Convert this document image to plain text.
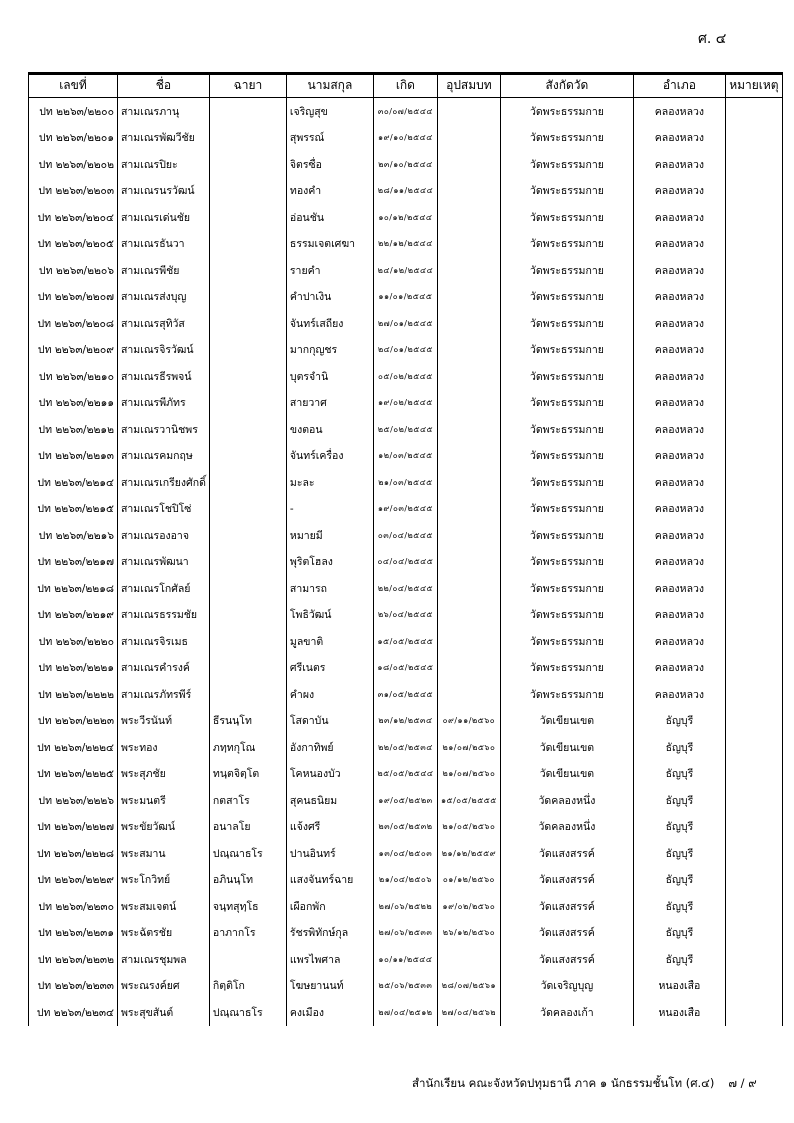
ศ. ๔
เลขที่	ชื่อ	ฉายา	นามสกุล	เกิด	อุปสมบท	สังกัดวัด	อำเภอ	หมายเหตุ
ปท ๒๒๖๓/๒๒๐๐	สามเณรภานุ		เจริญสุข	๓๐/๐๗/๒๕๔๔		วัดพระธรรมกาย	คลองหลวง	
ปท ๒๒๖๓/๒๒๐๑	สามเณรพัฒวีชัย		สุพรรณ์	๑๙/๑๐/๒๕๔๔		วัดพระธรรมกาย	คลองหลวง	
ปท ๒๒๖๓/๒๒๐๒	สามเณรปิยะ		จิตรซื่อ	๒๓/๑๐/๒๕๔๔		วัดพระธรรมกาย	คลองหลวง	
ปท ๒๒๖๓/๒๒๐๓	สามเณรนรวัฒน์		ทองคำ	๒๘/๑๑/๒๕๔๔		วัดพระธรรมกาย	คลองหลวง	
ปท ๒๒๖๓/๒๒๐๔	สามเณรเด่นชัย		อ่อนชัน	๑๐/๑๒/๒๕๔๔		วัดพระธรรมกาย	คลองหลวง	
ปท ๒๒๖๓/๒๒๐๕	สามเณรธันวา		ธรรมเจตเศฆา	๒๒/๑๒/๒๕๔๔		วัดพระธรรมกาย	คลองหลวง	
ปท ๒๒๖๓/๒๒๐๖	สามเณรพีชัย		รายคำ	๒๔/๑๒/๒๕๔๔		วัดพระธรรมกาย	คลองหลวง	
ปท ๒๒๖๓/๒๒๐๗	สามเณรส่งบุญ		คำปาเงิน	๑๑/๐๑/๒๕๔๕		วัดพระธรรมกาย	คลองหลวง	
ปท ๒๒๖๓/๒๒๐๘	สามเณรสุทิวัส		จันทร์เสถียง	๒๗/๐๑/๒๕๔๕		วัดพระธรรมกาย	คลองหลวง	
ปท ๒๒๖๓/๒๒๐๙	สามเณรจิรวัฒน์		มากกุญชร	๒๔/๐๑/๒๕๔๕		วัดพระธรรมกาย	คลองหลวง	
ปท ๒๒๖๓/๒๒๑๐	สามเณรธีรพจน์		บุตรจำนิ	๐๕/๐๒/๒๕๔๕		วัดพระธรรมกาย	คลองหลวง	
ปท ๒๒๖๓/๒๒๑๑	สามเณรพีภัทร		สายวาศ	๑๙/๐๒/๒๕๔๕		วัดพระธรรมกาย	คลองหลวง	
ปท ๒๒๖๓/๒๒๑๒	สามเณรวานิชพร		ขงตอน	๒๕/๐๒/๒๕๔๕		วัดพระธรรมกาย	คลองหลวง	
ปท ๒๒๖๓/๒๒๑๓	สามเณรคมกฤษ		จันทร์เครื่อง	๑๒/๐๓/๒๕๔๕		วัดพระธรรมกาย	คลองหลวง	
ปท ๒๒๖๓/๒๒๑๔	สามเณรเกรียงศักดิ์		มะละ	๒๑/๐๓/๒๕๔๕		วัดพระธรรมกาย	คลองหลวง	
ปท ๒๒๖๓/๒๒๑๕	สามเณรโชปิโซ่		-	๑๙/๐๓/๒๕๔๕		วัดพระธรรมกาย	คลองหลวง	
ปท ๒๒๖๓/๒๒๑๖	สามเณรองอาจ		หมายมี	๐๓/๐๔/๒๕๔๕		วัดพระธรรมกาย	คลองหลวง	
ปท ๒๒๖๓/๒๒๑๗	สามเณรพัฒนา		พุริตโฮลง	๐๔/๐๔/๒๕๔๕		วัดพระธรรมกาย	คลองหลวง	
ปท ๒๒๖๓/๒๒๑๘	สามเณรโกศัลย์		สามารถ	๒๒/๐๔/๒๕๔๕		วัดพระธรรมกาย	คลองหลวง	
ปท ๒๒๖๓/๒๒๑๙	สามเณรธรรมชัย		โพธิวัฒน์	๒๖/๐๔/๒๕๔๕		วัดพระธรรมกาย	คลองหลวง	
ปท ๒๒๖๓/๒๒๒๐	สามเณรจิรเมธ		มูลขาติ	๑๕/๐๕/๒๕๔๕		วัดพระธรรมกาย	คลองหลวง	
ปท ๒๒๖๓/๒๒๒๑	สามเณรคำรงค์		ศรีเนตร	๑๘/๐๕/๒๕๔๕		วัดพระธรรมกาย	คลองหลวง	
ปท ๒๒๖๓/๒๒๒๒	สามเณรภัทรพีร์		คำผง	๓๑/๐๕/๒๕๔๕		วัดพระธรรมกาย	คลองหลวง	
ปท ๒๒๖๓/๒๒๒๓	พระวีรนันท์	ธีรนนฺโท	โสดาบัน	๒๓/๑๒/๒๕๓๔	๐๙/๑๑/๒๕๖๐	วัดเขียนเขต	ธัญบุรี	
ปท ๒๒๖๓/๒๒๒๔	พระทอง	ภทฺทกุโณ	อังกาทิพย์	๒๒/๐๕/๒๕๓๔	๒๑/๐๗/๒๕๖๐	วัดเขียนเขต	ธัญบุรี	
ปท ๒๒๖๓/๒๒๒๕	พระสุภชัย	ทนฺตจิตฺโต	โคหนองบัว	๒๕/๐๕/๒๕๔๔	๒๑/๐๗/๒๕๖๐	วัดเขียนเขต	ธัญบุรี	
ปท ๒๒๖๓/๒๒๒๖	พระมนตรี	กตสาโร	สุคนธนิยม	๑๙/๐๕/๒๕๒๓	๑๕/๐๕/๒๕๕๕	วัดคลองหนึ่ง	ธัญบุรี	
ปท ๒๒๖๓/๒๒๒๗	พระขัยวัฒน์	อนาลโย	แจ้งศรี	๒๓/๐๕/๒๕๓๒	๒๑/๐๕/๒๕๖๐	วัดคลองหนึ่ง	ธัญบุรี	
ปท ๒๒๖๓/๒๒๒๘	พระสมาน	ปณฺณาธโร	ปานอินทร์	๑๓/๐๔/๒๕๐๓	๒๑/๑๒/๒๕๕๙	วัดแสงสรรค์	ธัญบุรี	
ปท ๒๒๖๓/๒๒๒๙	พระโกวิทย์	อภินนฺโท	แสงจันทร์ฉาย	๒๑/๐๔/๒๕๐๖	๐๑/๑๒/๒๕๖๐	วัดแสงสรรค์	ธัญบุรี	
ปท ๒๒๖๓/๒๒๓๐	พระสมเจตน์	จนฺทสุทฺโธ	เผือกพัก	๒๗/๐๖/๒๕๒๒	๑๙/๐๒/๒๕๖๐	วัดแสงสรรค์	ธัญบุรี	
ปท ๒๒๖๓/๒๒๓๑	พระฉัตรชัย	อาภากโร	รัชรพิทักษ์กุล	๒๗/๐๖/๒๕๓๓	๒๖/๑๒/๒๕๖๐	วัดแสงสรรค์	ธัญบุรี	
ปท ๒๒๖๓/๒๒๓๒	สามเณรชุมพล		แพรไพศาล	๑๐/๑๑/๒๕๔๔		วัดแสงสรรค์	ธัญบุรี	
ปท ๒๒๖๓/๒๒๓๓	พระณรงค์ยศ	กิตฺติโก	โฆษยานนท์	๒๕/๐๖/๒๕๓๓	๒๘/๐๗/๒๕๖๑	วัดเจริญบุญ	หนองเสือ	
ปท ๒๒๖๓/๒๒๓๔	พระสุขสันต์	ปณฺณาธโร	คงเมือง	๒๗/๐๔/๒๕๑๒	๒๗/๐๔/๒๕๖๒	วัดคลองเก้า	หนองเสือ	
สำนักเรียน คณะจังหวัดปทุมธานี ภาค ๑ นักธรรมชั้นโท (ศ.๔) ๗ / ๙
